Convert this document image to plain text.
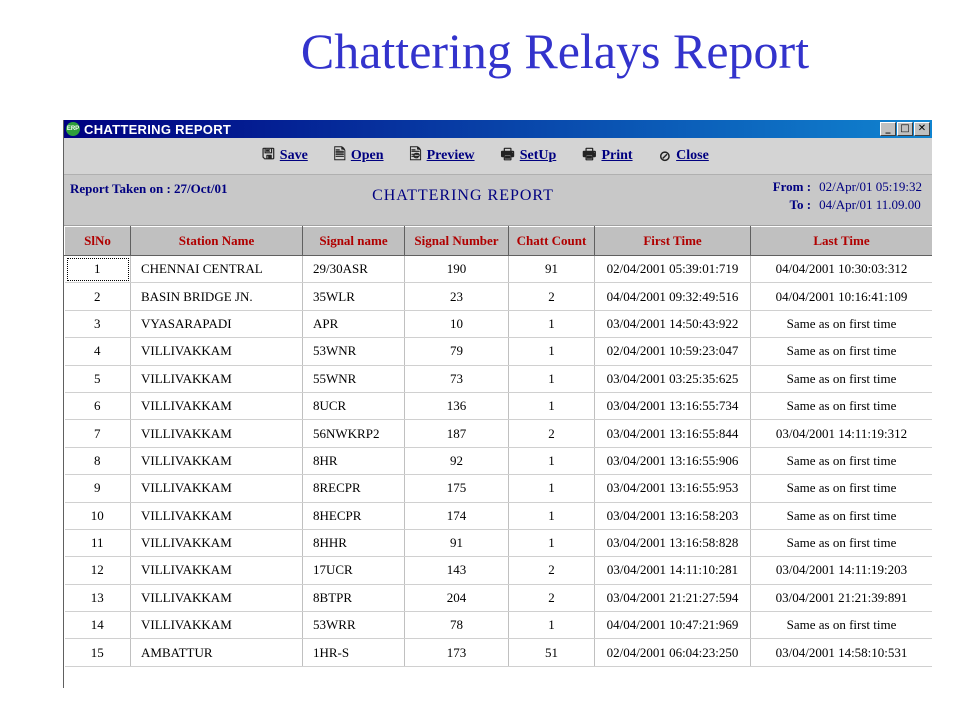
Chattering Relays Report
ERP CHATTERING REPORT	_ □ ✕
🖫 Save 🗎 Open 🗟 Preview 🖶 SetUp 🖶 Print ⊘ Close
Report Taken on : 27/Oct/01	CHATTERING REPORT
From : 02/Apr/01 05:19:32
To : 04/Apr/01 11.09.00
SlNo	Station Name	Signal name	Signal Number	Chatt Count	First Time	Last Time
1	CHENNAI CENTRAL	29/30ASR	190	91	02/04/2001 05:39:01:719	04/04/2001 10:30:03:312
2	BASIN BRIDGE JN.	35WLR	23	2	04/04/2001 09:32:49:516	04/04/2001 10:16:41:109
3	VYASARAPADI	APR	10	1	03/04/2001 14:50:43:922	Same as on first time
4	VILLIVAKKAM	53WNR	79	1	02/04/2001 10:59:23:047	Same as on first time
5	VILLIVAKKAM	55WNR	73	1	03/04/2001 03:25:35:625	Same as on first time
6	VILLIVAKKAM	8UCR	136	1	03/04/2001 13:16:55:734	Same as on first time
7	VILLIVAKKAM	56NWKRP2	187	2	03/04/2001 13:16:55:844	03/04/2001 14:11:19:312
8	VILLIVAKKAM	8HR	92	1	03/04/2001 13:16:55:906	Same as on first time
9	VILLIVAKKAM	8RECPR	175	1	03/04/2001 13:16:55:953	Same as on first time
10	VILLIVAKKAM	8HECPR	174	1	03/04/2001 13:16:58:203	Same as on first time
11	VILLIVAKKAM	8HHR	91	1	03/04/2001 13:16:58:828	Same as on first time
12	VILLIVAKKAM	17UCR	143	2	03/04/2001 14:11:10:281	03/04/2001 14:11:19:203
13	VILLIVAKKAM	8BTPR	204	2	03/04/2001 21:21:27:594	03/04/2001 21:21:39:891
14	VILLIVAKKAM	53WRR	78	1	04/04/2001 10:47:21:969	Same as on first time
15	AMBATTUR	1HR-S	173	51	02/04/2001 06:04:23:250	03/04/2001 14:58:10:531
